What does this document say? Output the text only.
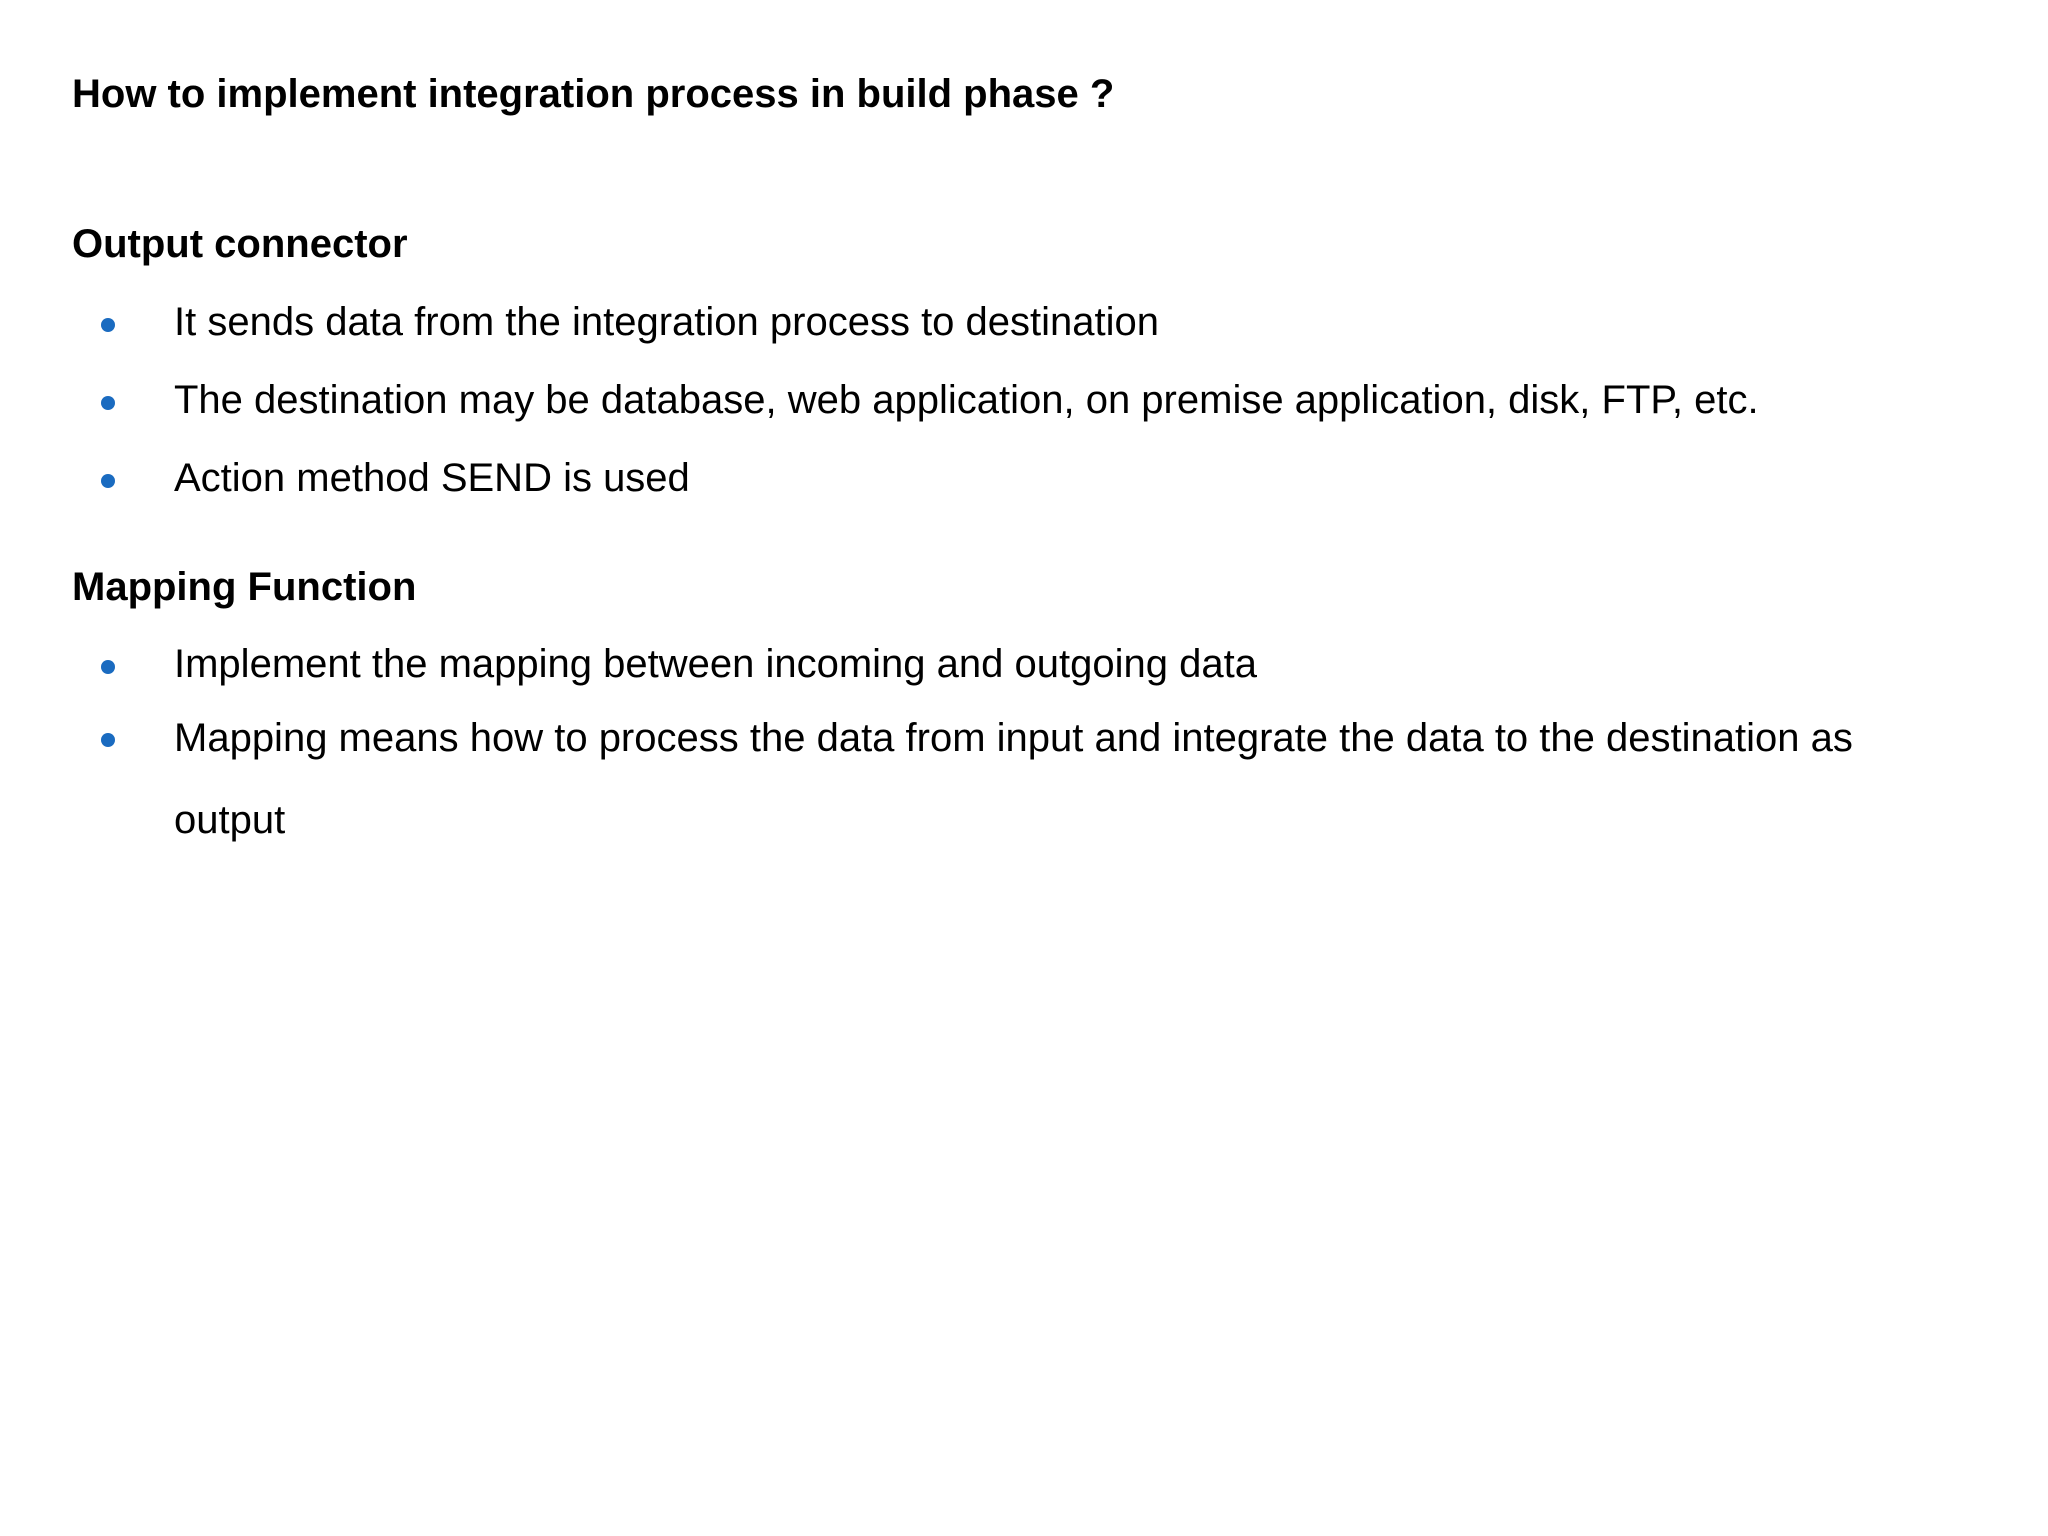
How to implement integration process in build phase ?
Output connector
It sends data from the integration process to destination
The destination may be database, web application, on premise application, disk, FTP, etc.
Action method SEND is used
Mapping Function
Implement the mapping between incoming and outgoing data
Mapping means how to process the data from input and integrate the data to the destination as output
